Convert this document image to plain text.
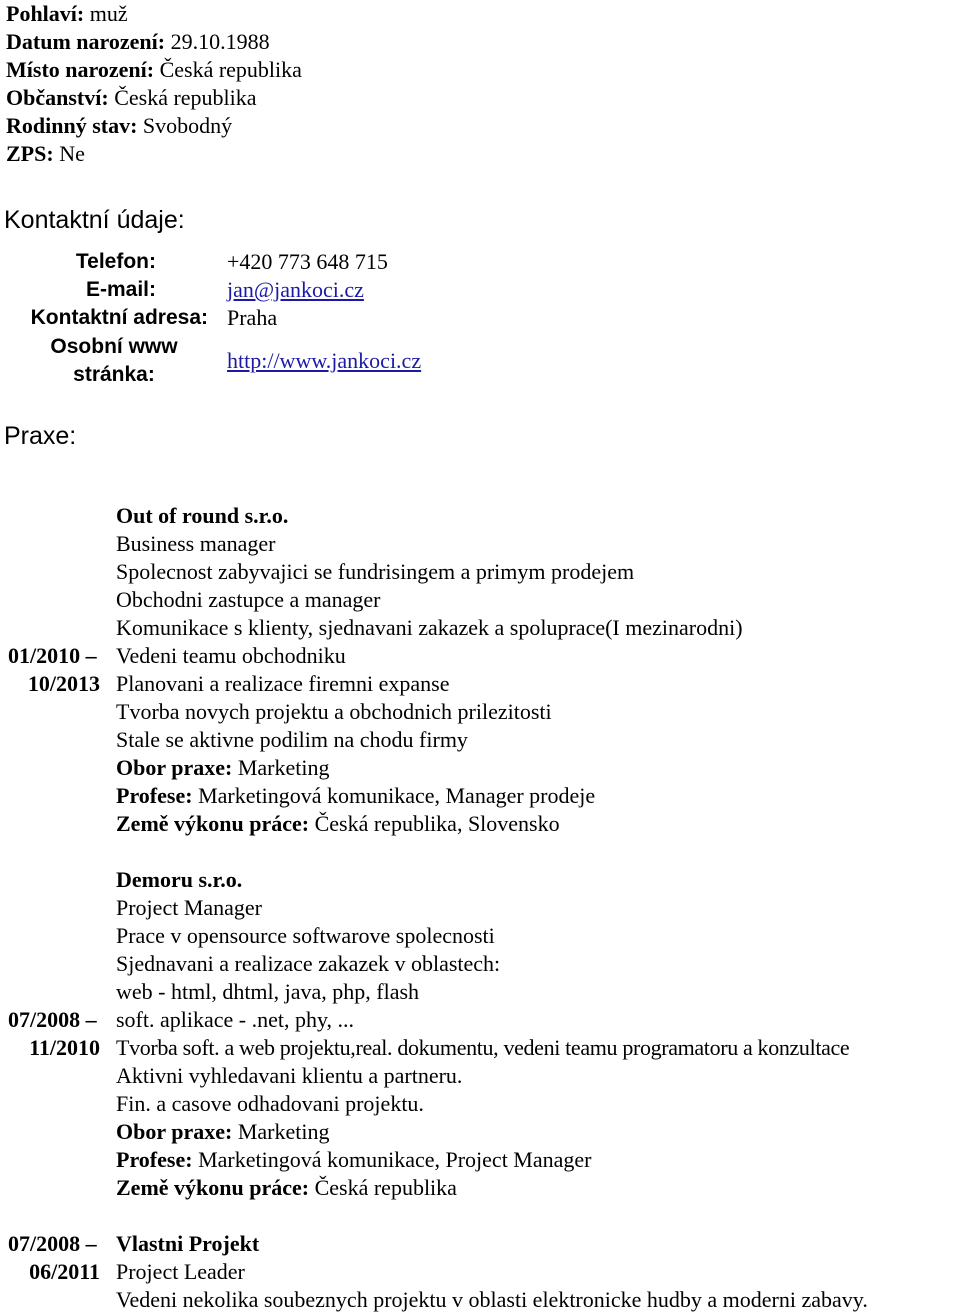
Pohlaví: muž
Datum narození: 29.10.1988
Místo narození: Česká republika
Občanství: Česká republika
Rodinný stav: Svobodný
ZPS: Ne
Kontaktní údaje:
Telefon:	+420 773 648 715
E-mail:	jan@jankoci.cz
Kontaktní adresa: Praha
Osobní www
stránka:
http://www.jankoci.cz
Praxe:
Out of round s.r.o.
Business manager
Spolecnost zabyvajici se fundrisingem a primym prodejem
Obchodni zastupce a manager
Komunikace s klienty, sjednavani zakazek a spoluprace(I mezinarodni)
Vedeni teamu obchodniku
Planovani a realizace firemni expanse
Tvorba novych projektu a obchodnich prilezitosti
Stale se aktivne podilim na chodu firmy
Obor praxe: Marketing
Profese: Marketingová komunikace, Manager prodeje
Země výkonu práce: Česká republika, Slovensko
01/2010 –
10/2013
Demoru s.r.o.
Project Manager
Prace v opensource softwarove spolecnosti
Sjednavani a realizace zakazek v oblastech:
web - html, dhtml, java, php, flash
soft. aplikace - .net, phy, ...
Tvorba soft. a web projektu,real. dokumentu, vedeni teamu programatoru a konzultace
Aktivni vyhledavani klientu a partneru.
Fin. a casove odhadovani projektu.
Obor praxe: Marketing
Profese: Marketingová komunikace, Project Manager
Země výkonu práce: Česká republika
07/2008 –
11/2010
Vlastni Projekt
Project Leader
Vedeni nekolika soubeznych projektu v oblasti elektronicke hudby a moderni zabavy.
07/2008 –
06/2011
